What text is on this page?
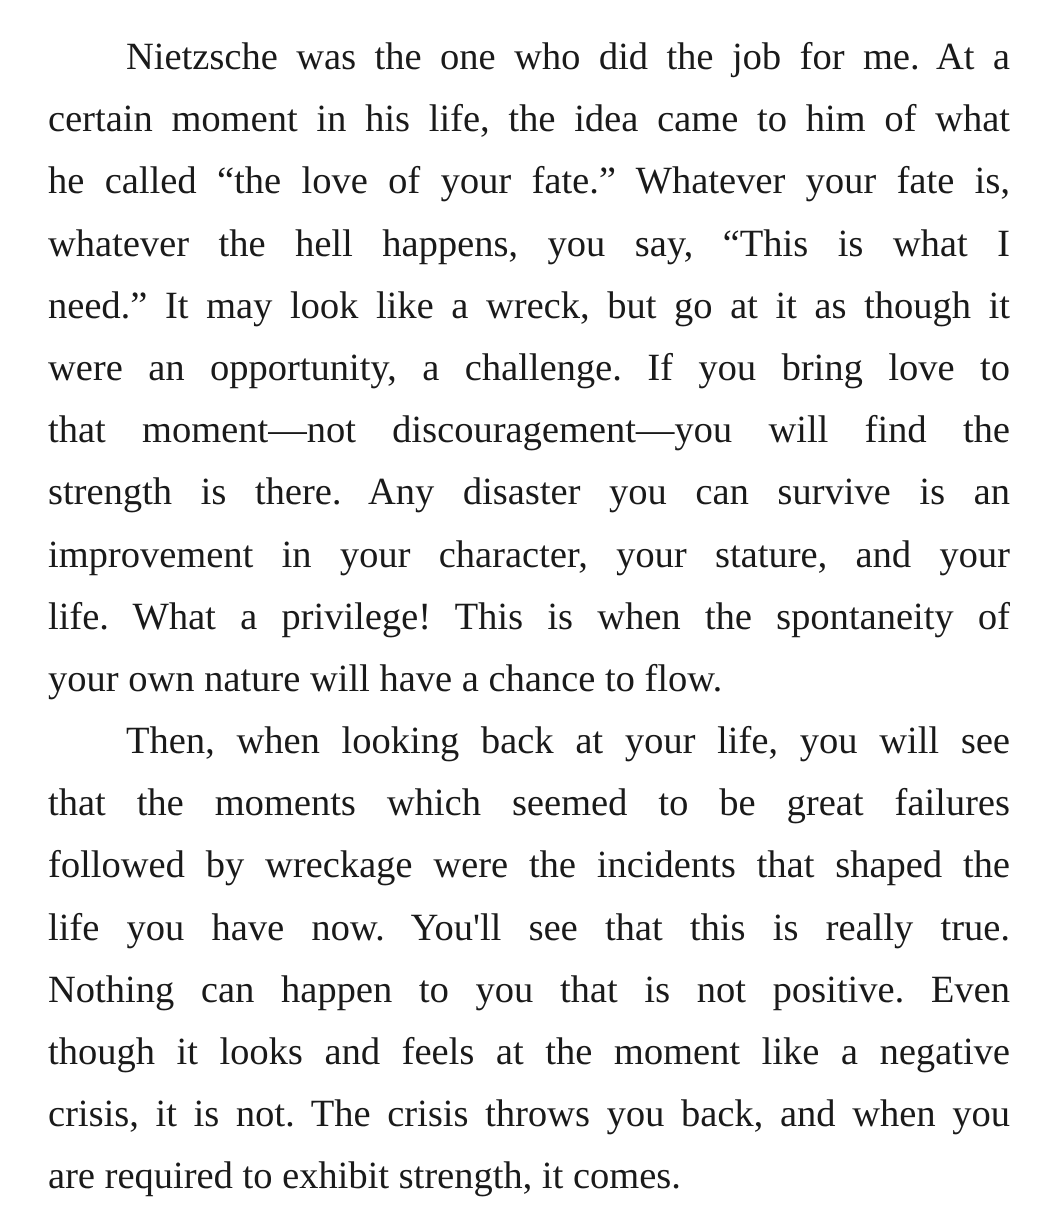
Nietzsche was the one who did the job for me. At a
certain moment in his life, the idea came to him of what
he called “the love of your fate.” Whatever your fate is,
whatever the hell happens, you say, “This is what I
need.” It may look like a wreck, but go at it as though it
were an opportunity, a challenge. If you bring love to
that moment—not discouragement—you will find the
strength is there. Any disaster you can survive is an
improvement in your character, your stature, and your
life. What a privilege! This is when the spontaneity of
your own nature will have a chance to flow.
Then, when looking back at your life, you will see
that the moments which seemed to be great failures
followed by wreckage were the incidents that shaped the
life you have now. You'll see that this is really true.
Nothing can happen to you that is not positive. Even
though it looks and feels at the moment like a negative
crisis, it is not. The crisis throws you back, and when you
are required to exhibit strength, it comes.
